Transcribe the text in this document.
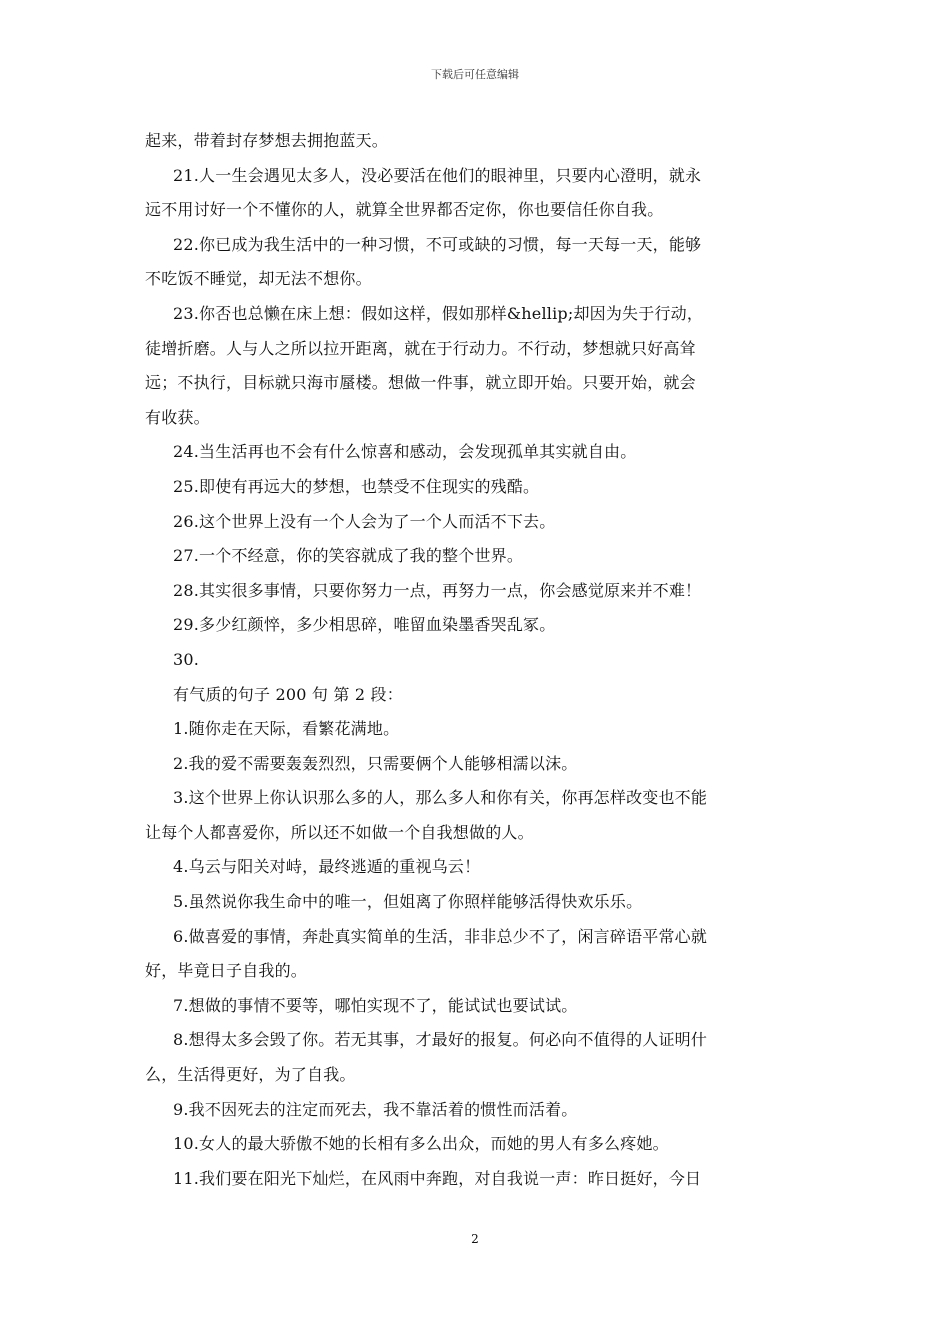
下载后可任意编辑
起来，带着封存梦想去拥抱蓝天。
21.人一生会遇见太多人，没必要活在他们的眼神里，只要内心澄明，就永
远不用讨好一个不懂你的人，就算全世界都否定你，你也要信任你自我。
22.你已成为我生活中的一种习惯，不可或缺的习惯，每一天每一天，能够
不吃饭不睡觉，却无法不想你。
23.你否也总懒在床上想：假如这样，假如那样&hellip;却因为失于行动，
徒增折磨。人与人之所以拉开距离，就在于行动力。不行动，梦想就只好高耸
远；不执行，目标就只海市蜃楼。想做一件事，就立即开始。只要开始，就会
有收获。
24.当生活再也不会有什么惊喜和感动，会发现孤单其实就自由。
25.即使有再远大的梦想，也禁受不住现实的残酷。
26.这个世界上没有一个人会为了一个人而活不下去。
27.一个不经意，你的笑容就成了我的整个世界。
28.其实很多事情，只要你努力一点，再努力一点，你会感觉原来并不难！
29.多少红颜悴，多少相思碎，唯留血染墨香哭乱冢。
30.
有气质的句子 200 句 第 2 段：
1.随你走在天际，看繁花满地。
2.我的爱不需要轰轰烈烈，只需要俩个人能够相濡以沫。
3.这个世界上你认识那么多的人，那么多人和你有关，你再怎样改变也不能
让每个人都喜爱你，所以还不如做一个自我想做的人。
4.乌云与阳关对峙，最终逃遁的重视乌云！
5.虽然说你我生命中的唯一，但姐离了你照样能够活得快欢乐乐。
6.做喜爱的事情，奔赴真实简单的生活，非非总少不了，闲言碎语平常心就
好，毕竟日子自我的。
7.想做的事情不要等，哪怕实现不了，能试试也要试试。
8.想得太多会毁了你。若无其事，才最好的报复。何必向不值得的人证明什
么，生活得更好，为了自我。
9.我不因死去的注定而死去，我不靠活着的惯性而活着。
10.女人的最大骄傲不她的长相有多么出众，而她的男人有多么疼她。
11.我们要在阳光下灿烂，在风雨中奔跑，对自我说一声：昨日挺好，今日
2
